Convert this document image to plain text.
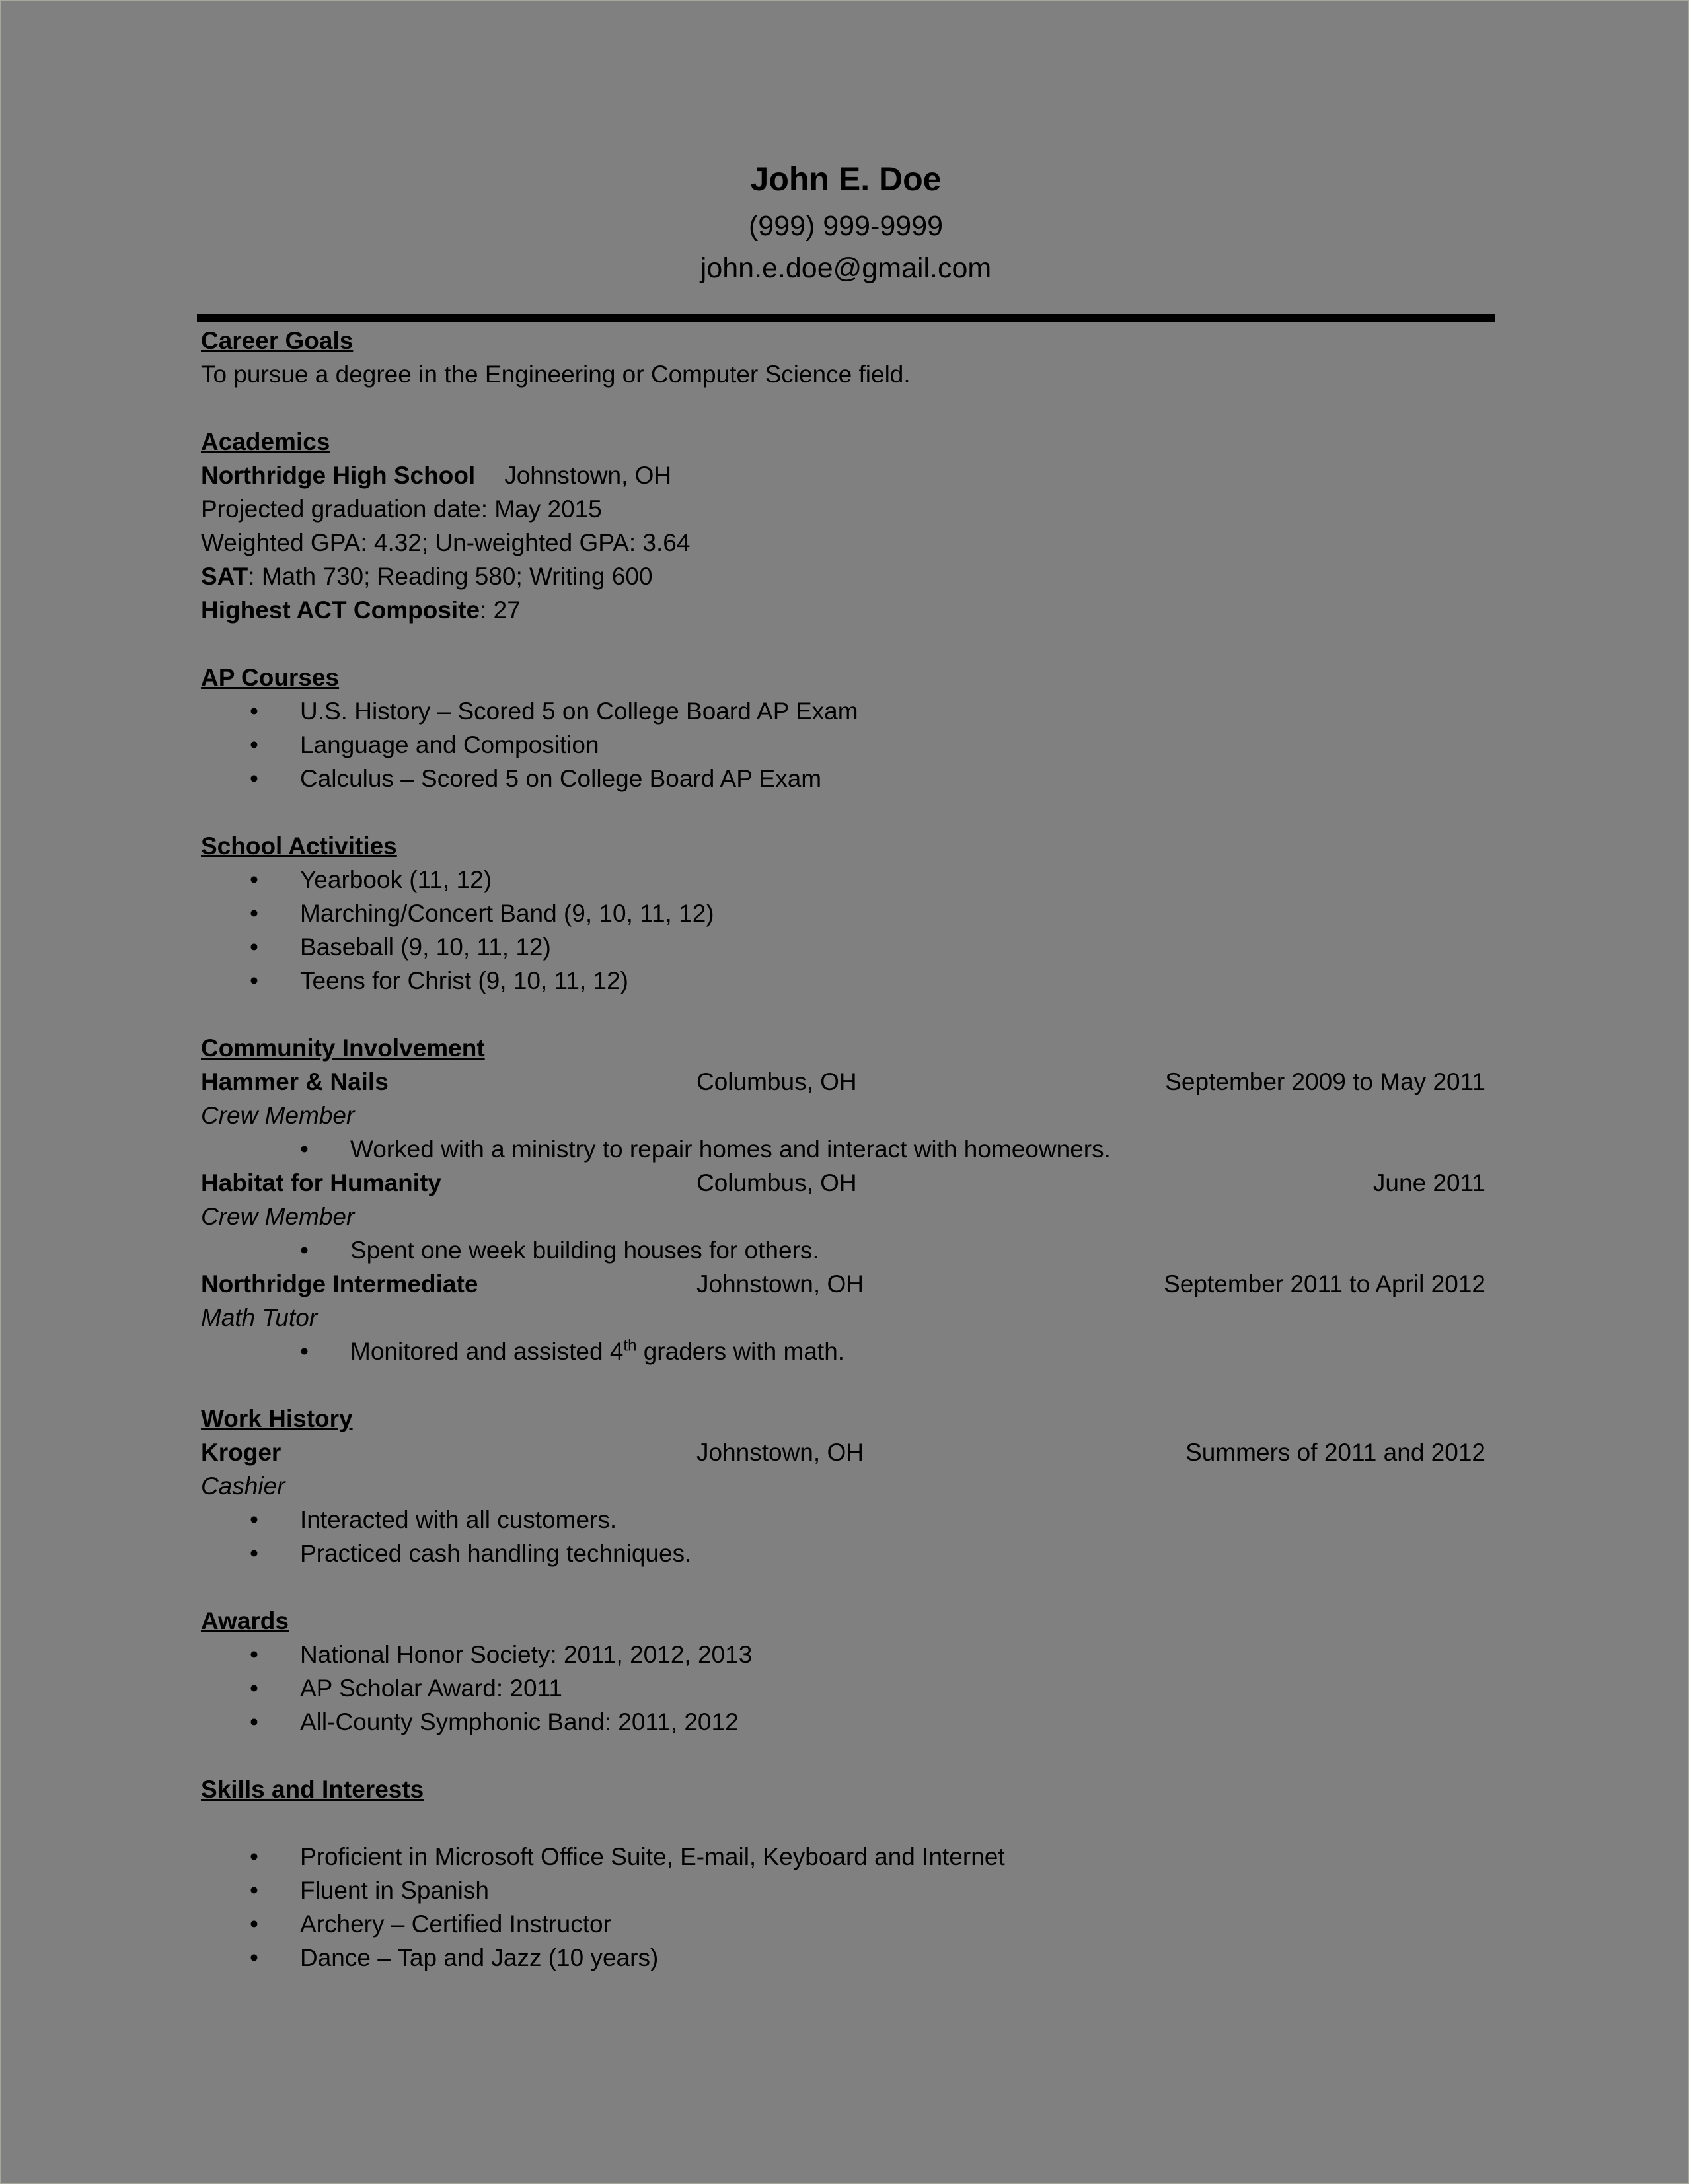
John E. Doe
(999) 999-9999
john.e.doe@gmail.com
Career Goals
To pursue a degree in the Engineering or Computer Science field.
Academics
Northridge High School Johnstown, OH
Projected graduation date: May 2015
Weighted GPA: 4.32; Un-weighted GPA: 3.64
SAT: Math 730; Reading 580; Writing 600
Highest ACT Composite: 27
AP Courses
• U.S. History – Scored 5 on College Board AP Exam
• Language and Composition
• Calculus – Scored 5 on College Board AP Exam
School Activities
• Yearbook (11, 12)
• Marching/Concert Band (9, 10, 11, 12)
• Baseball (9, 10, 11, 12)
• Teens for Christ (9, 10, 11, 12)
Community Involvement
Hammer & Nails	Columbus, OH	September 2009 to May 2011
Crew Member
• Worked with a ministry to repair homes and interact with homeowners.
Habitat for Humanity	Columbus, OH	June 2011
Crew Member
• Spent one week building houses for others.
Northridge Intermediate	Johnstown, OH	September 2011 to April 2012
Math Tutor
• Monitored and assisted 4th graders with math.
Work History
Kroger	Johnstown, OH	Summers of 2011 and 2012
Cashier
• Interacted with all customers.
• Practiced cash handling techniques.
Awards
• National Honor Society: 2011, 2012, 2013
• AP Scholar Award: 2011
• All-County Symphonic Band: 2011, 2012
Skills and Interests
• Proficient in Microsoft Office Suite, E-mail, Keyboard and Internet
• Fluent in Spanish
• Archery – Certified Instructor
• Dance – Tap and Jazz (10 years)
